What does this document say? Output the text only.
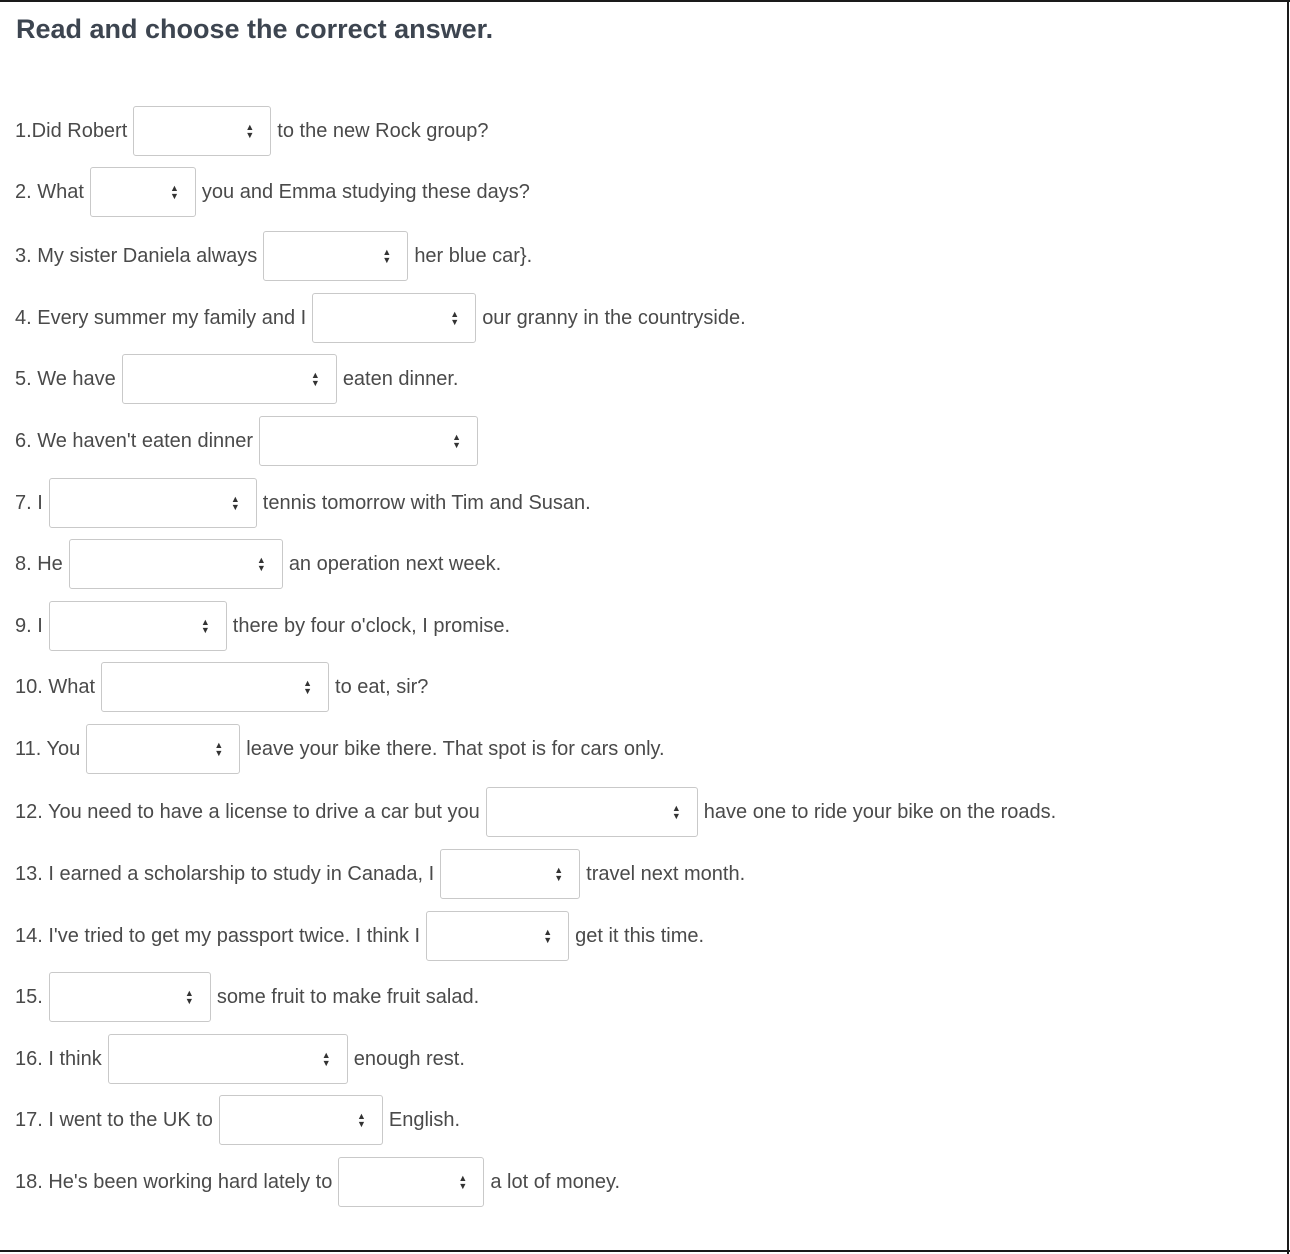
Read and choose the correct answer.
1.Did Robert	▲
▼ to the new Rock group?
2. What	▲
▼ you and Emma studying these days?
3. My sister Daniela always	▲
▼ her blue car}.
4. Every summer my family and I	▲
▼ our granny in the countryside.
5. We have	▲
▼ eaten dinner.
6. We haven't eaten dinner	▲
▼
7. I	▲
▼ tennis tomorrow with Tim and Susan.
8. He	▲
▼ an operation next week.
9. I	▲
▼ there by four o'clock, I promise.
10. What	▲
▼ to eat, sir?
11. You	▲
▼ leave your bike there. That spot is for cars only.
12. You need to have a license to drive a car but you	▲
▼ have one to ride your bike on the roads.
13. I earned a scholarship to study in Canada, I	▲
▼ travel next month.
14. I've tried to get my passport twice. I think I	▲
▼ get it this time.
15.	▲
▼ some fruit to make fruit salad.
16. I think	▲
▼ enough rest.
17. I went to the UK to	▲
▼ English.
18. He's been working hard lately to	▲
▼ a lot of money.
